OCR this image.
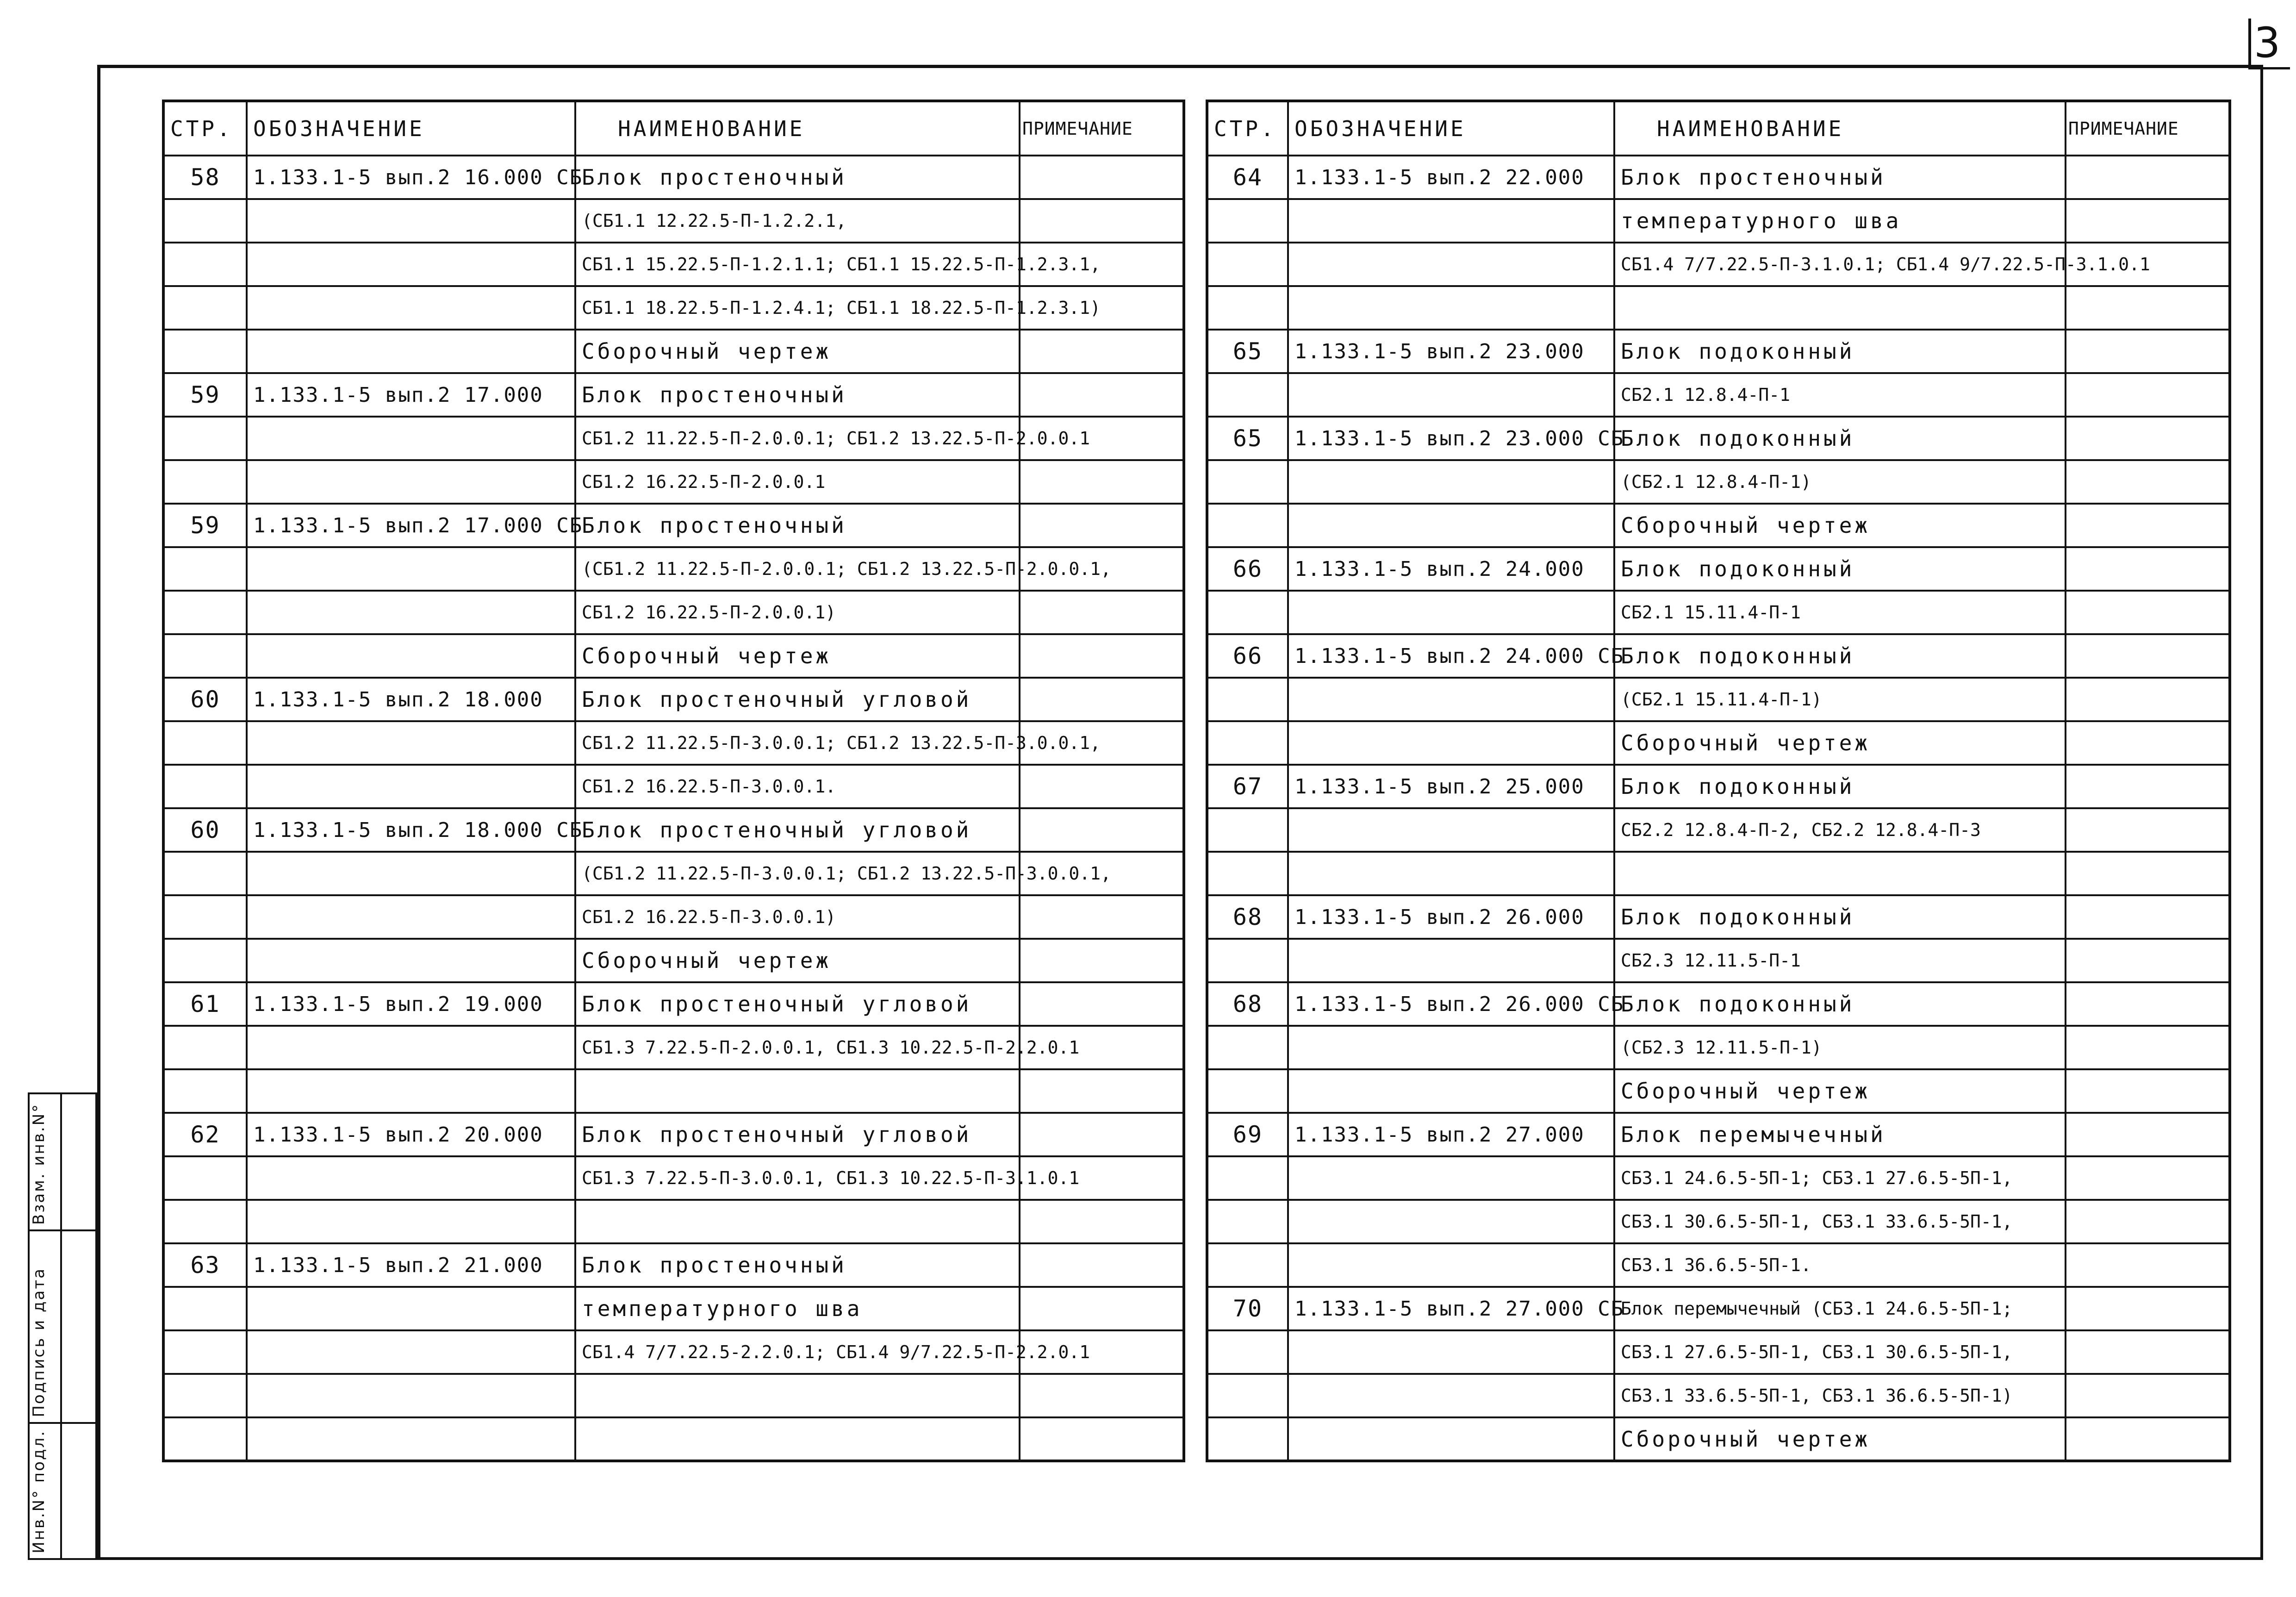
3
СТР.	ОБОЗНАЧЕНИЕ	НАИМЕНОВАНИЕ	ПРИМЕЧАНИЕ
58	1.133.1-5 вып.2 16.000 СБ	Блок простеночный	
		(СБ1.1 12.22.5-П-1.2.2.1,	
		СБ1.1 15.22.5-П-1.2.1.1; СБ1.1 15.22.5-П-1.2.3.1,	
		СБ1.1 18.22.5-П-1.2.4.1; СБ1.1 18.22.5-П-1.2.3.1)	
		Сборочный чертеж	
59	1.133.1-5 вып.2 17.000	Блок простеночный	
		СБ1.2 11.22.5-П-2.0.0.1; СБ1.2 13.22.5-П-2.0.0.1	
		СБ1.2 16.22.5-П-2.0.0.1	
59	1.133.1-5 вып.2 17.000 СБ	Блок простеночный	
		(СБ1.2 11.22.5-П-2.0.0.1; СБ1.2 13.22.5-П-2.0.0.1,	
		СБ1.2 16.22.5-П-2.0.0.1)	
		Сборочный чертеж	
60	1.133.1-5 вып.2 18.000	Блок простеночный угловой	
		СБ1.2 11.22.5-П-3.0.0.1; СБ1.2 13.22.5-П-3.0.0.1,	
		СБ1.2 16.22.5-П-3.0.0.1.	
60	1.133.1-5 вып.2 18.000 СБ	Блок простеночный угловой	
		(СБ1.2 11.22.5-П-3.0.0.1; СБ1.2 13.22.5-П-3.0.0.1,	
		СБ1.2 16.22.5-П-3.0.0.1)	
		Сборочный чертеж	
61	1.133.1-5 вып.2 19.000	Блок простеночный угловой	
		СБ1.3 7.22.5-П-2.0.0.1, СБ1.3 10.22.5-П-2.2.0.1	

62	1.133.1-5 вып.2 20.000	Блок простеночный угловой	
		СБ1.3 7.22.5-П-3.0.0.1, СБ1.3 10.22.5-П-3.1.0.1	

63	1.133.1-5 вып.2 21.000	Блок простеночный	
		температурного шва	
		СБ1.4 7/7.22.5-2.2.0.1; СБ1.4 9/7.22.5-П-2.2.0.1	

СТР.	ОБОЗНАЧЕНИЕ	НАИМЕНОВАНИЕ	ПРИМЕЧАНИЕ
64	1.133.1-5 вып.2 22.000	Блок простеночный	
		температурного шва	
		СБ1.4 7/7.22.5-П-3.1.0.1; СБ1.4 9/7.22.5-П-3.1.0.1	

65	1.133.1-5 вып.2 23.000	Блок подоконный	
		СБ2.1 12.8.4-П-1	
65	1.133.1-5 вып.2 23.000 СБ	Блок подоконный	
		(СБ2.1 12.8.4-П-1)	
		Сборочный чертеж	
66	1.133.1-5 вып.2 24.000	Блок подоконный	
		СБ2.1 15.11.4-П-1	
66	1.133.1-5 вып.2 24.000 СБ	Блок подоконный	
		(СБ2.1 15.11.4-П-1)	
		Сборочный чертеж	
67	1.133.1-5 вып.2 25.000	Блок подоконный	
		СБ2.2 12.8.4-П-2, СБ2.2 12.8.4-П-3	

68	1.133.1-5 вып.2 26.000	Блок подоконный	
		СБ2.3 12.11.5-П-1	
68	1.133.1-5 вып.2 26.000 СБ	Блок подоконный	
		(СБ2.3 12.11.5-П-1)	
		Сборочный чертеж	
69	1.133.1-5 вып.2 27.000	Блок перемычечный	
		СБ3.1 24.6.5-5П-1; СБ3.1 27.6.5-5П-1,	
		СБ3.1 30.6.5-5П-1, СБ3.1 33.6.5-5П-1,	
		СБ3.1 36.6.5-5П-1.	
70	1.133.1-5 вып.2 27.000 СБ	Блок перемычечный (СБ3.1 24.6.5-5П-1;	
		СБ3.1 27.6.5-5П-1, СБ3.1 30.6.5-5П-1,	
		СБ3.1 33.6.5-5П-1, СБ3.1 36.6.5-5П-1)	
		Сборочный чертеж	
Взам. инв.N°
Подпись и дата
Инв.N° подл.
